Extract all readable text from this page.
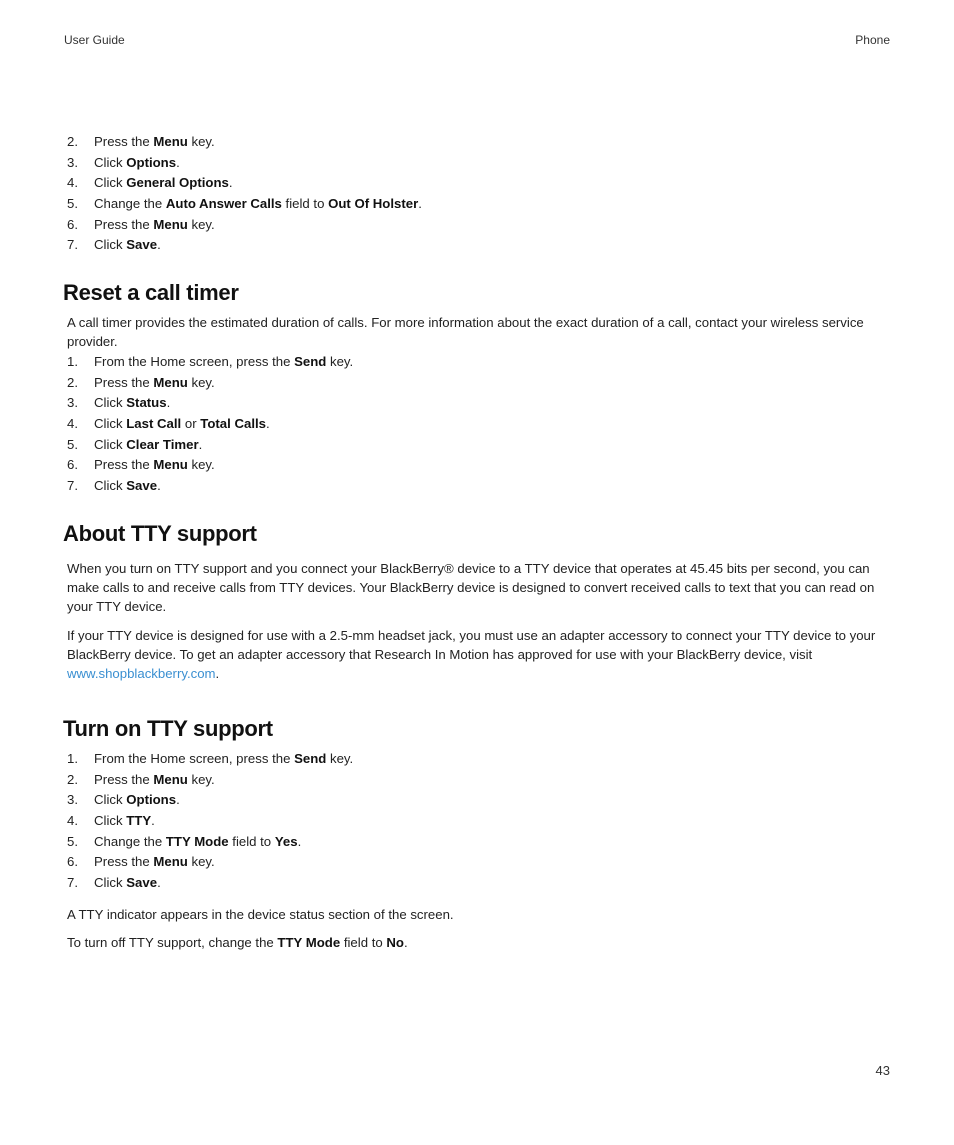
User Guide	Phone
2. Press the Menu key.
3. Click Options.
4. Click General Options.
5. Change the Auto Answer Calls field to Out Of Holster.
6. Press the Menu key.
7. Click Save.
Reset a call timer

A call timer provides the estimated duration of calls. For more information about the exact duration of a call, contact your wireless service provider.

1. From the Home screen, press the Send key.
2. Press the Menu key.
3. Click Status.
4. Click Last Call or Total Calls.
5. Click Clear Timer.
6. Press the Menu key.
7. Click Save.
About TTY support

When you turn on TTY support and you connect your BlackBerry® device to a TTY device that operates at 45.45 bits per second, you can make calls to and receive calls from TTY devices. Your BlackBerry device is designed to convert received calls to text that you can read on your TTY device.

If your TTY device is designed for use with a 2.5-mm headset jack, you must use an adapter accessory to connect your TTY device to your BlackBerry device. To get an adapter accessory that Research In Motion has approved for use with your BlackBerry device, visit www.shopblackberry.com.

Turn on TTY support
1. From the Home screen, press the Send key.
2. Press the Menu key.
3. Click Options.
4. Click TTY.
5. Change the TTY Mode field to Yes.
6. Press the Menu key.
7. Click Save.

A TTY indicator appears in the device status section of the screen.

To turn off TTY support, change the TTY Mode field to No.

43
